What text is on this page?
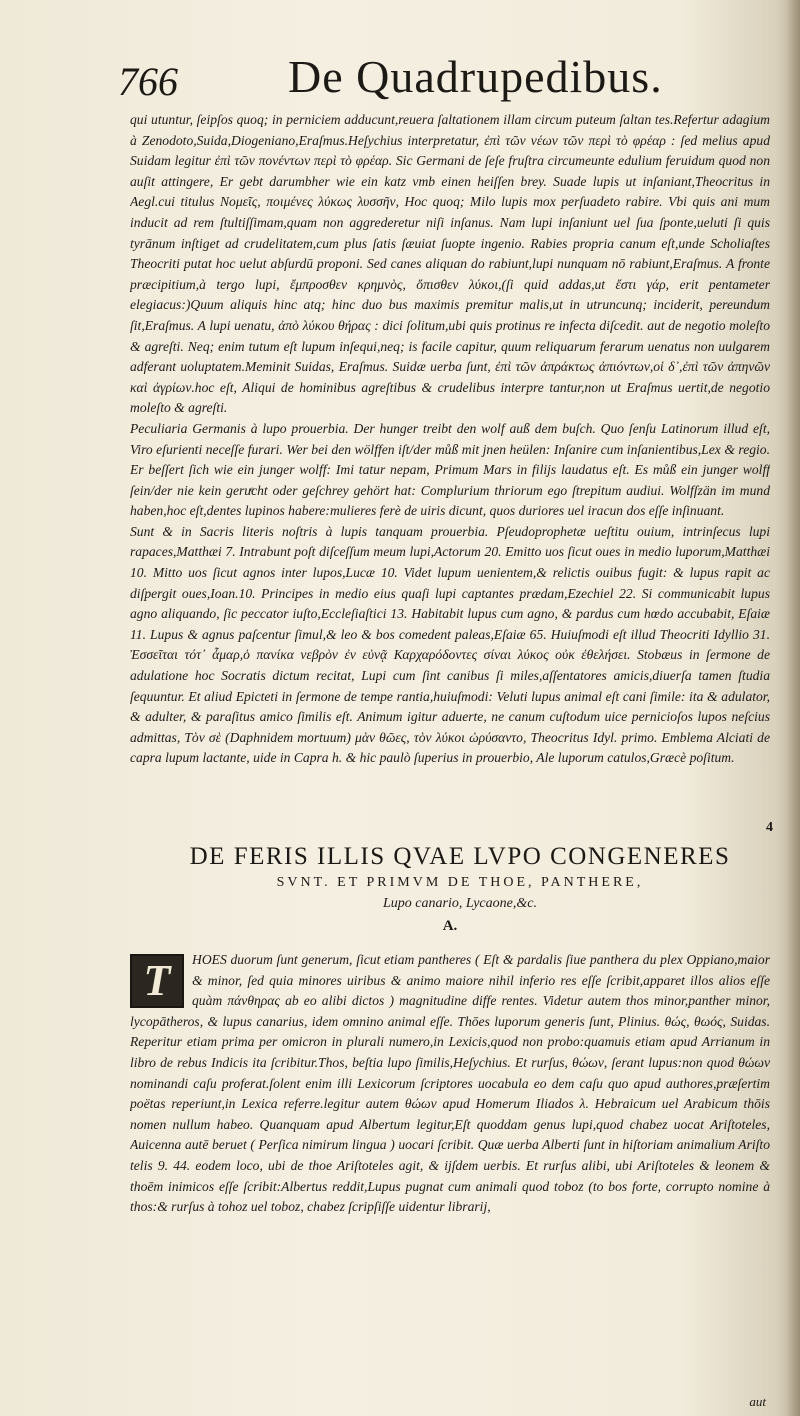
766 De Quadrupedibus.

qui utuntur, ſeipſos quoq; in perniciem adducunt,reuera ſaltationem illam circum puteum ſaltan tes.Refertur adagium à Zenodoto,Suida,Diogeniano,Eraſmus.Heſychius interpretatur, ἐπὶ τῶν νέων τῶν περὶ τὸ φρέαρ : ſed melius apud Suidam legitur ἐπὶ τῶν πονέντων περὶ τὸ φρέαρ. Sic Germani de ſeſe fruſtra circumeunte edulium feruidum quod non auſit attingere, Er gebt darumbher wie ein katz vmb einen heiſſen brey. Suade lupis ut inſaniant,Theocritus in Aegl.cui titulus Νομεῖς, ποιμένες λύκως λυσσῆν, Hoc quoq; Milo lupis mox perſuadeto rabire. Vbi quis ani mum inducit ad rem ſtultiſſimam,quam non aggrederetur niſi inſanus. Nam lupi inſaniunt uel ſua ſponte,ueluti ſi quis tyrānum inſtiget ad crudelitatem,cum plus ſatis ſæuiat ſuopte ingenio. Rabies propria canum eſt,unde Scholiaſtes Theocriti putat hoc uelut abſurdū proponi. Sed canes aliquan do rabiunt,lupi nunquam nō rabiunt,Eraſmus. A fronte præcipitium,à tergo lupi, ἔμπροσθεν κρημνὸς, ὄπισθεν λύκοι,(ſi quid addas,ut ἔστι γάρ, erit pentameter elegiacus:)Quum aliquis hinc atq; hinc duo bus maximis premitur malis,ut in utruncunq; inciderit, pereundum ſit,Eraſmus. A lupi uenatu, ἀπὸ λύκου θήρας : dici ſolitum,ubi quis protinus re infecta diſcedit. aut de negotio moleſto & agreſti. Neq; enim tutum eſt lupum inſequi,neq; is facile capitur, quum reliquarum ferarum uenatus non uulgarem adferant uoluptatem.Meminit Suidas, Eraſmus. Suidæ uerba ſunt, ἐπὶ τῶν ἀπράκτως ἀπιόντων,οἱ δ᾽,ἐπὶ τῶν ἀπηνῶν καὶ ἀγρίων.hoc eſt, Aliqui de hominibus agreſtibus & crudelibus interpre tantur,non ut Eraſmus uertit,de negotio moleſto & agreſti.

Peculiaria Germanis à lupo prouerbia. Der hunger treibt den wolf auß dem buſch. Quo ſenſu Latinorum illud eſt, Viro eſurienti neceſſe furari. Wer bei den wölffen iſt/der můß mit jnen heülen: Inſanire cum inſanientibus,Lex & regio. Er beſſert ſich wie ein junger wolff: Imi tatur nepam, Primum Mars in filijs laudatus eſt. Es můß ein junger wolff ſein/der nie kein geruͤcht oder geſchrey gehört hat: Complurium thriorum ego ſtrepitum audiui. Wolfſzän im mund haben,hoc eſt,dentes lupinos habere:mulieres ferè de uiris dicunt, quos duriores uel iracun dos eſſe inſinuant.

Sunt & in Sacris literis noſtris à lupis tanquam prouerbia. Pſeudoprophetæ ueſtitu ouium, intrinſecus lupi rapaces,Matthæi 7. Intrabunt poſt diſceſſum meum lupi,Actorum 20. Emitto uos ſicut oues in medio luporum,Matthæi 10. Mitto uos ſicut agnos inter lupos,Lucæ 10. Videt lupum uenientem,& relictis ouibus fugit: & lupus rapit ac diſpergit oues,Ioan.10. Principes in medio eius quaſi lupi captantes prædam,Ezechiel 22. Si communicabit lupus agno aliquando, ſic peccator iuſto,Eccleſiaſtici 13. Habitabit lupus cum agno, & pardus cum hœdo accubabit, Eſaiæ 11. Lupus & agnus paſcentur ſimul,& leo & bos comedent paleas,Eſaiæ 65. Huiuſmodi eſt illud Theocriti Idyllio 31. Ἐσσεῖται τότ᾽ ἆμαρ,ὁ πανίκα νεβρὸν ἐν εὐνᾷ Καρχαρόδοντες σίναι λύκος οὐκ ἐθελήσει. Stobæus in ſermone de adulatione hoc Socratis dictum recitat, Lupi cum ſint canibus ſi miles,aſſentatores amicis,diuerſa tamen ſtudia ſequuntur. Et aliud Epicteti in ſermone de tempe rantia,huiuſmodi: Veluti lupus animal eſt cani ſimile: ita & adulator, & adulter, & paraſitus amico ſimilis eſt. Animum igitur aduerte, ne canum cuſtodum uice pernicioſos lupos neſcius admittas, Τὸν σὲ (Daphnidem mortuum) μὰν θῶες, τὸν λύκοι ὠρύσαντο, Theocritus Idyl. primo. Emblema Alciati de capra lupum lactante, uide in Capra h. & hic paulò ſuperius in prouerbio, Ale luporum catulos,Græcè poſitum.

4

DE FERIS ILLIS QVAE LVPO CONGENERES

SVNT. ET PRIMVM DE THOE, PANTHERE,

Lupo canario, Lycaone,&c.

A.
T	HOES duorum ſunt generum, ſicut etiam pantheres ( Eſt & pardalis ſiue panthera du plex Oppiano,maior & minor, ſed quia minores uiribus & animo maiore nihil inferio res eſſe ſcribit,apparet illos alios eſſe quàm πάνθηρας ab eo alibi dictos ) magnitudine diffe rentes. Videtur autem thos minor,panther minor, lycopātheros, & lupus canarius, idem omnino animal eſſe. Thōes luporum generis ſunt, Plinius. θώς, θωός, Suidas. Reperitur etiam prima per omicron in plurali numero,in Lexicis,quod non probo:quamuis etiam apud Arrianum in libro de rebus Indicis ita ſcribitur.Thos, beſtia lupo ſimilis,Heſychius. Et rurſus, θώων, ſerant lupus:non quod θώων nominandi caſu proferat.ſolent enim illi Lexicorum ſcriptores uocabula eo dem caſu quo apud authores,præſertim poëtas reperiunt,in Lexica referre.legitur autem θώων apud Homerum Iliados λ. Hebraicum uel Arabicum thōis nomen nullum habeo. Quanquam apud Albertum legitur,Eſt quoddam genus lupi,quod chabez uocat Ariſtoteles, Auicenna autē beruet ( Perſica nimirum lingua ) uocari ſcribit. Quæ uerba Alberti ſunt in hiſtoriam animalium Ariſto telis 9. 44. eodem loco, ubi de thoe Ariſtoteles agit, & ijſdem uerbis. Et rurſus alibi, ubi Ariſtoteles & leonem & thoēm inimicos eſſe ſcribit:Albertus reddit,Lupus pugnat cum animali quod toboz (to bos forte, corrupto nomine à thos:& rurſus à tohoz uel toboz, chabez ſcripſiſſe uidentur librarij,
aut
